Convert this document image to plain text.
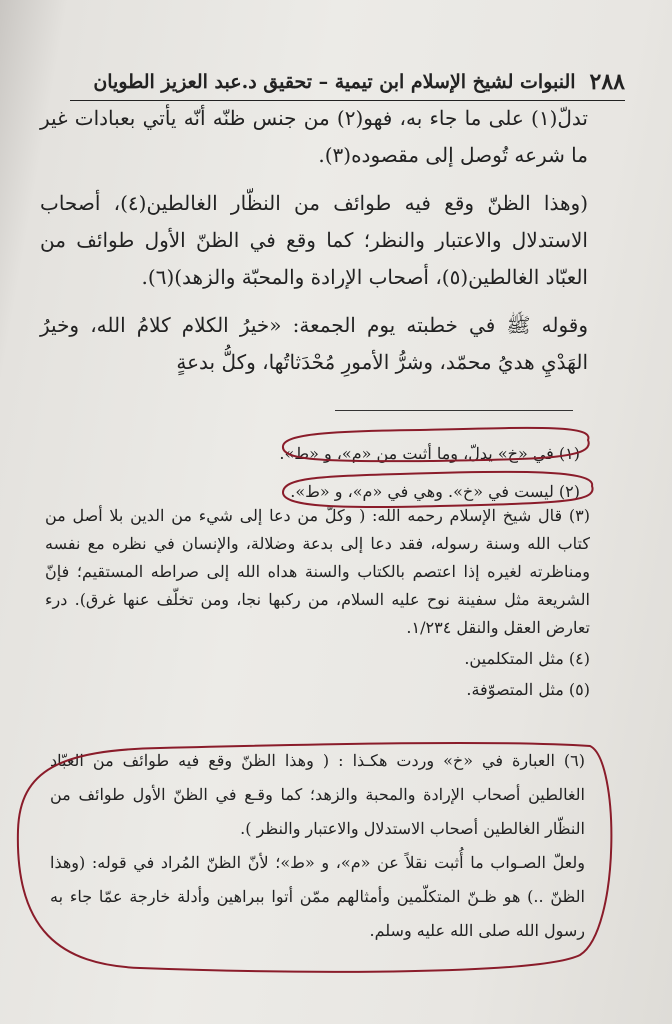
٢٨٨
النبوات لشيخ الإسلام ابن تيمية – تحقيق د.عبد العزيز الطويان

تدلّ(١) على ما جاء به، فهو(٢) من جنس ظنّه أنّه يأتي بعبادات غير ما شرعه تُوصل إلى مقصوده(٣).

(وهذا الظنّ وقع فيه طوائف من النظّار الغالطين(٤)، أصحاب الاستدلال والاعتبار والنظر؛ كما وقع في الظنّ الأول طوائف من العبّاد الغالطين(٥)، أصحاب الإرادة والمحبّة والزهد)(٦).

وقوله ﷺ في خطبته يوم الجمعة: «خيرُ الكلام كلامُ الله، وخيرُ الهَدْيِ هديُ محمّد، وشرُّ الأمورِ مُحْدَثاتُها، وكلُّ بدعةٍ

(١) في «خ» يدلّ، وما أثبت من «م»، و «ط».
(٢) ليست في «خ». وهي في «م»، و «ط».

(٣) قال شيخ الإسلام رحمه الله: ( وكلّ من دعا إلى شيء من الدين بلا أصل من كتاب الله وسنة رسوله، فقد دعا إلى بدعة وضلالة، والإنسان في نظره مع نفسه ومناظرته لغيره إذا اعتصم بالكتاب والسنة هداه الله إلى صراطه المستقيم؛ فإنّ الشريعة مثل سفينة نوح عليه السلام، من ركبها نجا، ومن تخلّف عنها غرق). درء تعارض العقل والنقل ١/٢٣٤.

(٤) مثل المتكلمين.

(٥) مثل المتصوّفة.

(٦) العبارة في «خ» وردت هكـذا : ( وهذا الظنّ وقع فيه طوائف من العبّاد الغالطين أصحاب الإرادة والمحبة والزهد؛ كما وقـع في الظنّ الأول طوائف من النظّار الغالطين أصحاب الاستدلال والاعتبار والنظر ).

ولعلّ الصـواب ما أُثبت نقلاً عن «م»، و «ط»؛ لأنّ الظنّ المُراد في قوله: (وهذا الظنّ ..) هو ظـنّ المتكلّمين وأمثالهم ممّن أتوا ببراهين وأدلة خارجة عمّا جاء به رسول الله صلى الله عليه وسلم.
